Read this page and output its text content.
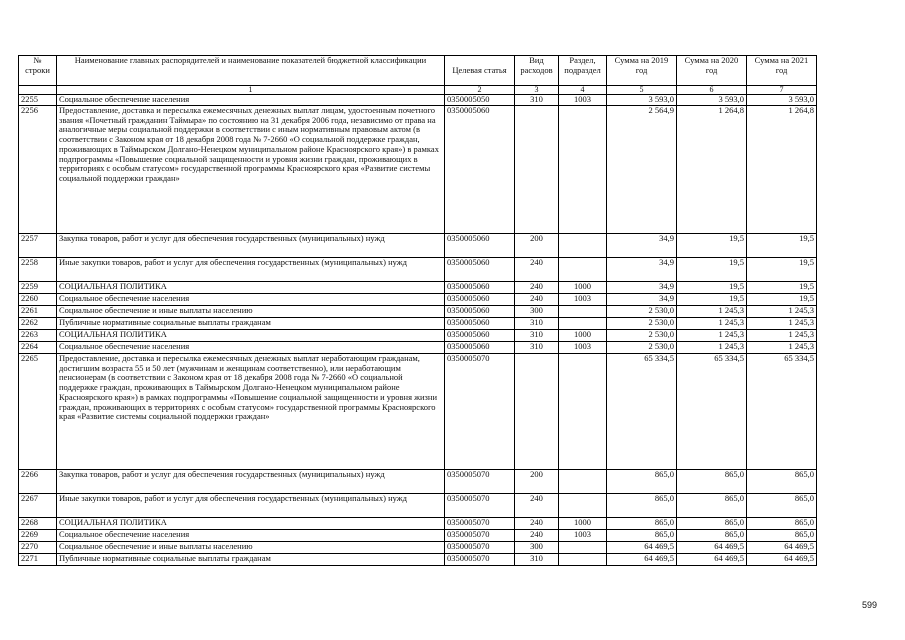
№ строки	Наименование главных распорядителей и наименование показателей бюджетной классификации	Целевая статья	Вид расходов	Раздел, подраздел	Сумма на 2019 год	Сумма на 2020 год	Сумма на 2021 год
	1	2	3	4	5	6	7
2255	Социальное обеспечение населения	0350005050	310	1003	3 593,0	3 593,0	3 593,0
2256	Предоставление, доставка и пересылка ежемесячных денежных выплат лицам, удостоенным почетного звания «Почетный гражданин Таймыра» по состоянию на 31 декабря 2006 года, независимо от права на аналогичные меры социальной поддержки в соответствии с иным нормативным правовым актом (в соответствии с Законом края от 18 декабря 2008 года № 7-2660 «О социальной поддержке граждан, проживающих в Таймырском Долгано-Ненецком муниципальном районе Красноярского края») в рамках подпрограммы «Повышение социальной защищенности и уровня жизни граждан, проживающих в территориях с особым статусом» государственной программы Красноярского края «Развитие системы социальной поддержки граждан»	0350005060			2 564,9	1 264,8	1 264,8
2257	Закупка товаров, работ и услуг для обеспечения государственных (муниципальных) нужд	0350005060	200		34,9	19,5	19,5
2258	Иные закупки товаров, работ и услуг для обеспечения государственных (муниципальных) нужд	0350005060	240		34,9	19,5	19,5
2259	СОЦИАЛЬНАЯ ПОЛИТИКА	0350005060	240	1000	34,9	19,5	19,5
2260	Социальное обеспечение населения	0350005060	240	1003	34,9	19,5	19,5
2261	Социальное обеспечение и иные выплаты населению	0350005060	300		2 530,0	1 245,3	1 245,3
2262	Публичные нормативные социальные выплаты гражданам	0350005060	310		2 530,0	1 245,3	1 245,3
2263	СОЦИАЛЬНАЯ ПОЛИТИКА	0350005060	310	1000	2 530,0	1 245,3	1 245,3
2264	Социальное обеспечение населения	0350005060	310	1003	2 530,0	1 245,3	1 245,3
2265	Предоставление, доставка и пересылка ежемесячных денежных выплат неработающим гражданам, достигшим возраста 55 и 50 лет (мужчинам и женщинам соответственно), или неработающим пенсионерам (в соответствии с Законом края от 18 декабря 2008 года № 7-2660 «О социальной поддержке граждан, проживающих в Таймырском Долгано-Ненецком муниципальном районе Красноярского края») в рамках подпрограммы «Повышение социальной защищенности и уровня жизни граждан, проживающих в территориях с особым статусом» государственной программы Красноярского края «Развитие системы социальной поддержки граждан»	0350005070			65 334,5	65 334,5	65 334,5
2266	Закупка товаров, работ и услуг для обеспечения государственных (муниципальных) нужд	0350005070	200		865,0	865,0	865,0
2267	Иные закупки товаров, работ и услуг для обеспечения государственных (муниципальных) нужд	0350005070	240		865,0	865,0	865,0
2268	СОЦИАЛЬНАЯ ПОЛИТИКА	0350005070	240	1000	865,0	865,0	865,0
2269	Социальное обеспечение населения	0350005070	240	1003	865,0	865,0	865,0
2270	Социальное обеспечение и иные выплаты населению	0350005070	300		64 469,5	64 469,5	64 469,5
2271	Публичные нормативные социальные выплаты гражданам	0350005070	310		64 469,5	64 469,5	64 469,5
599
